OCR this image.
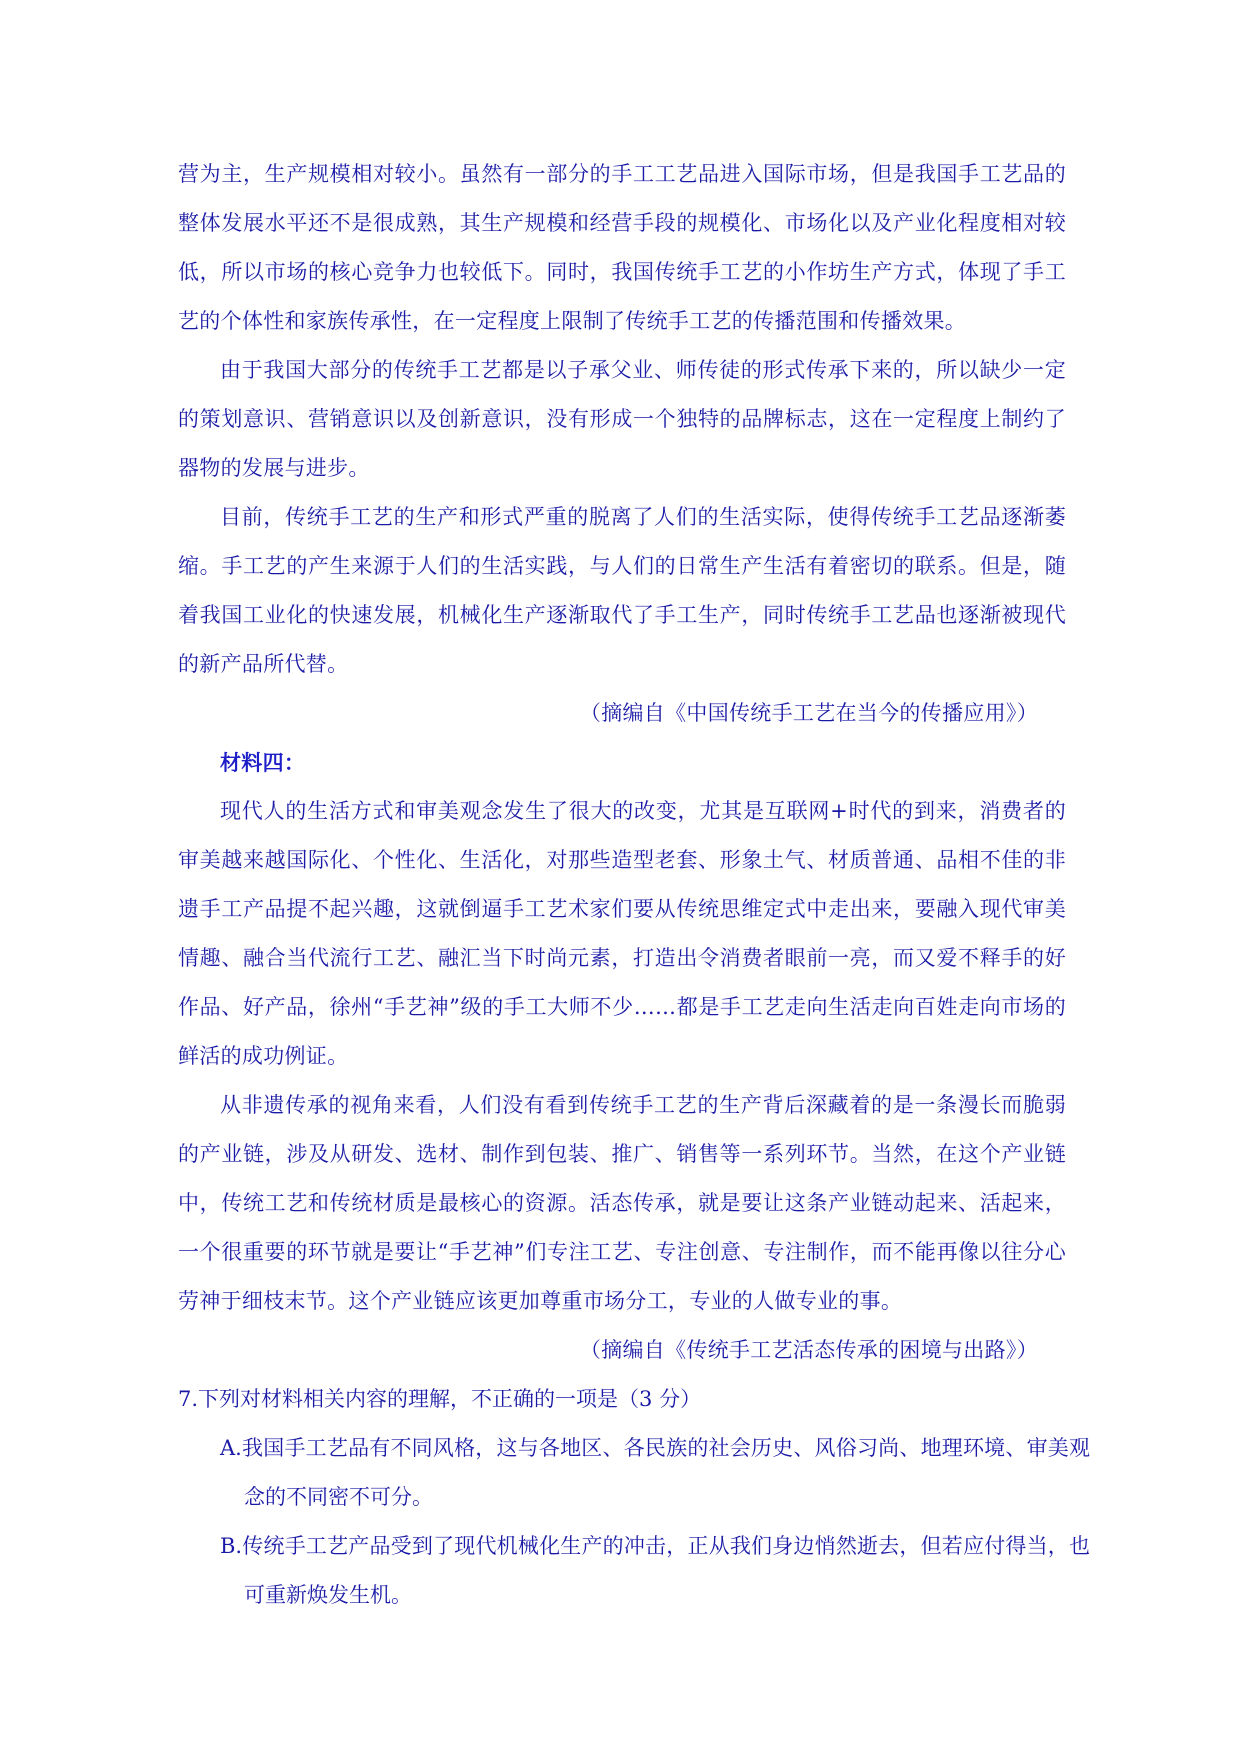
营为主，生产规模相对较小。虽然有一部分的手工工艺品进入国际市场，但是我国手工艺品的整体发展水平还不是很成熟，其生产规模和经营手段的规模化、市场化以及产业化程度相对较低，所以市场的核心竞争力也较低下。同时，我国传统手工艺的小作坊生产方式，体现了手工艺的个体性和家族传承性，在一定程度上限制了传统手工艺的传播范围和传播效果。

由于我国大部分的传统手工艺都是以子承父业、师传徒的形式传承下来的，所以缺少一定的策划意识、营销意识以及创新意识，没有形成一个独特的品牌标志，这在一定程度上制约了器物的发展与进步。

目前，传统手工艺的生产和形式严重的脱离了人们的生活实际，使得传统手工艺品逐渐萎缩。手工艺的产生来源于人们的生活实践，与人们的日常生产生活有着密切的联系。但是，随着我国工业化的快速发展，机械化生产逐渐取代了手工生产，同时传统手工艺品也逐渐被现代的新产品所代替。

（摘编自《中国传统手工艺在当今的传播应用》）

材料四：

现代人的生活方式和审美观念发生了很大的改变，尤其是互联网+时代的到来，消费者的审美越来越国际化、个性化、生活化，对那些造型老套、形象土气、材质普通、品相不佳的非遗手工产品提不起兴趣，这就倒逼手工艺术家们要从传统思维定式中走出来，要融入现代审美情趣、融合当代流行工艺、融汇当下时尚元素，打造出令消费者眼前一亮，而又爱不释手的好作品、好产品，徐州“手艺神”级的手工大师不少……都是手工艺走向生活走向百姓走向市场的鲜活的成功例证。

从非遗传承的视角来看，人们没有看到传统手工艺的生产背后深藏着的是一条漫长而脆弱的产业链，涉及从研发、选材、制作到包装、推广、销售等一系列环节。当然，在这个产业链中，传统工艺和传统材质是最核心的资源。活态传承，就是要让这条产业链动起来、活起来，一个很重要的环节就是要让“手艺神”们专注工艺、专注创意、专注制作，而不能再像以往分心劳神于细枝末节。这个产业链应该更加尊重市场分工，专业的人做专业的事。

（摘编自《传统手工艺活态传承的困境与出路》）

7.下列对材料相关内容的理解，不正确的一项是（3 分）

A.我国手工艺品有不同风格，这与各地区、各民族的社会历史、风俗习尚、地理环境、审美观念的不同密不可分。

B.传统手工艺产品受到了现代机械化生产的冲击，正从我们身边悄然逝去，但若应付得当，也可重新焕发生机。
